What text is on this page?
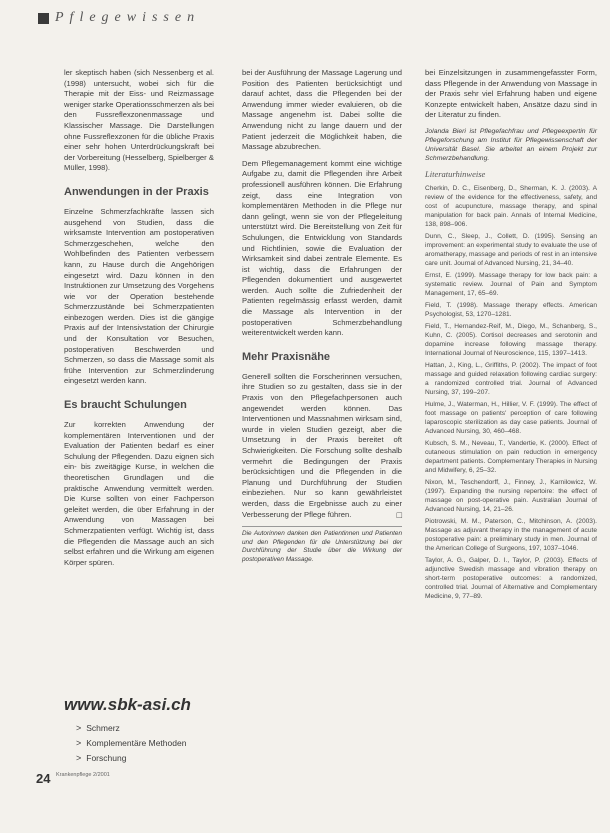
Pflegewissen

ler skeptisch haben (sich Nessenberg et al. (1998) untersucht, wobei sich für die Therapie mit der Eiss- und Reizmassage weniger starke Operationsschmerzen als bei den Fussreflexzonenmassage und Klassischer Massage. Die Darstellungen ohne Fussreflexzonen für die übliche Praxis einer sehr hohen Unterdrückungskraft bei der Vorbereitung (Hesselberg, Spielberger & Müller, 1998).

Anwendungen in der Praxis

Einzelne Schmerzfachkräfte lassen sich ausgehend von Studien, dass die wirksamste Intervention am postoperativen Schmerzgeschehen, welche den Wohlbefinden des Patienten verbessern kann, zu Hause durch die Angehörigen eingesetzt wird. Dazu können in den Instruktionen zur Umsetzung des Vorgehens wie vor der Operation bestehende Schmerzzustände bei Schmerzpatienten einbezogen werden. Dies ist die gängige Praxis auf der Intensivstation der Chirurgie und der Konsultation vor Besuchen, postoperativen Beschwerden und Schmerzen, so dass die Massage somit als frühe Intervention zur Schmerzlinderung eingesetzt werden kann.

Es braucht Schulungen

Zur korrekten Anwendung der komplementären Interventionen und der Evaluation der Patienten bedarf es einer Schulung der Pflegenden. Dazu eignen sich ein- bis zweitägige Kurse, in welchen die theoretischen Grundlagen und die praktische Anwendung vermittelt werden. Die Kurse sollten von einer Fachperson geleitet werden, die über Erfahrung in der Anwendung von Massagen bei Schmerzpatienten verfügt. Wichtig ist, dass die Pflegenden die Massage auch an sich selbst erfahren und die Wirkung am eigenen Körper spüren.

www.sbk-asi.ch
> Schmerz
> Komplementäre Methoden
> Forschung
24 Krankenpflege 2/2001

bei der Ausführung der Massage Lagerung und Position des Patienten berücksichtigt und darauf achtet, dass die Pflegenden bei der Anwendung immer wieder evaluieren, ob die Massage angenehm ist. Dabei sollte die Anwendung nicht zu lange dauern und der Patient jederzeit die Möglichkeit haben, die Massage abzubrechen.

Dem Pflegemanagement kommt eine wichtige Aufgabe zu, damit die Pflegenden ihre Arbeit professionell ausführen können. Die Erfahrung zeigt, dass eine Integration von komplementären Methoden in die Pflege nur dann gelingt, wenn sie von der Pflegeleitung unterstützt wird. Die Bereitstellung von Zeit für Schulungen, die Entwicklung von Standards und Richtlinien, sowie die Evaluation der Wirksamkeit sind dabei zentrale Elemente. Es ist wichtig, dass die Erfahrungen der Pflegenden dokumentiert und ausgewertet werden. Auch sollte die Zufriedenheit der Patienten regelmässig erfasst werden, damit die Massage als Intervention in der postoperativen Schmerzbehandlung weiterentwickelt werden kann.

Mehr Praxisnähe

Generell sollten die Forscherinnen versuchen, ihre Studien so zu gestalten, dass sie in der Praxis von den Pflegefachpersonen auch angewendet werden können. Das Interventionen und Massnahmen wirksam sind, wurde in vielen Studien gezeigt, aber die Umsetzung in der Praxis bereitet oft Schwierigkeiten. Die Forschung sollte deshalb vermehrt die Bedingungen der Praxis berücksichtigen und die Pflegenden in die Planung und Durchführung der Studien einbeziehen. Nur so kann gewährleistet werden, dass die Ergebnisse auch zu einer Verbesserung der Pflege führen.	□

Die Autorinnen danken den Patientinnen und Patienten und den Pflegenden für die Unterstützung bei der Durchführung der Studie über die Wirkung der postoperativen Massage.

bei Einzelsitzungen in zusammengefasster Form, dass Pflegende in der Anwendung von Massage in der Praxis sehr viel Erfahrung haben und eigene Konzepte entwickelt haben, Ansätze dazu sind in der Literatur zu finden.

Jolanda Bieri ist Pflegefachfrau und Pflegeexpertin für Pflegeforschung am Institut für Pflegewissenschaft der Universität Basel. Sie arbeitet an einem Projekt zur Schmerzbehandlung.

Literaturhinweise
Cherkin, D. C., Eisenberg, D., Sherman, K. J. (2003). A review of the evidence for the effectiveness, safety, and cost of acupuncture, massage therapy, and spinal manipulation for back pain. Annals of Internal Medicine, 138, 898–906.
Dunn, C., Sleep, J., Collett, D. (1995). Sensing an improvement: an experimental study to evaluate the use of aromatherapy, massage and periods of rest in an intensive care unit. Journal of Advanced Nursing, 21, 34–40.
Ernst, E. (1999). Massage therapy for low back pain: a systematic review. Journal of Pain and Symptom Management, 17, 65–69.
Field, T. (1998). Massage therapy effects. American Psychologist, 53, 1270–1281.
Field, T., Hernandez-Reif, M., Diego, M., Schanberg, S., Kuhn, C. (2005). Cortisol decreases and serotonin and dopamine increase following massage therapy. International Journal of Neuroscience, 115, 1397–1413.
Hattan, J., King, L., Griffiths, P. (2002). The impact of foot massage and guided relaxation following cardiac surgery: a randomized controlled trial. Journal of Advanced Nursing, 37, 199–207.
Hulme, J., Waterman, H., Hillier, V. F. (1999). The effect of foot massage on patients' perception of care following laparoscopic sterilization as day case patients. Journal of Advanced Nursing, 30, 460–468.
Kubsch, S. M., Neveau, T., Vandertie, K. (2000). Effect of cutaneous stimulation on pain reduction in emergency department patients. Complementary Therapies in Nursing and Midwifery, 6, 25–32.
Nixon, M., Teschendorff, J., Finney, J., Karnilowicz, W. (1997). Expanding the nursing repertoire: the effect of massage on post-operative pain. Australian Journal of Advanced Nursing, 14, 21–26.
Piotrowski, M. M., Paterson, C., Mitchinson, A. (2003). Massage as adjuvant therapy in the management of acute postoperative pain: a preliminary study in men. Journal of the American College of Surgeons, 197, 1037–1046.
Taylor, A. G., Galper, D. I., Taylor, P. (2003). Effects of adjunctive Swedish massage and vibration therapy on short-term postoperative outcomes: a randomized, controlled trial. Journal of Alternative and Complementary Medicine, 9, 77–89.
